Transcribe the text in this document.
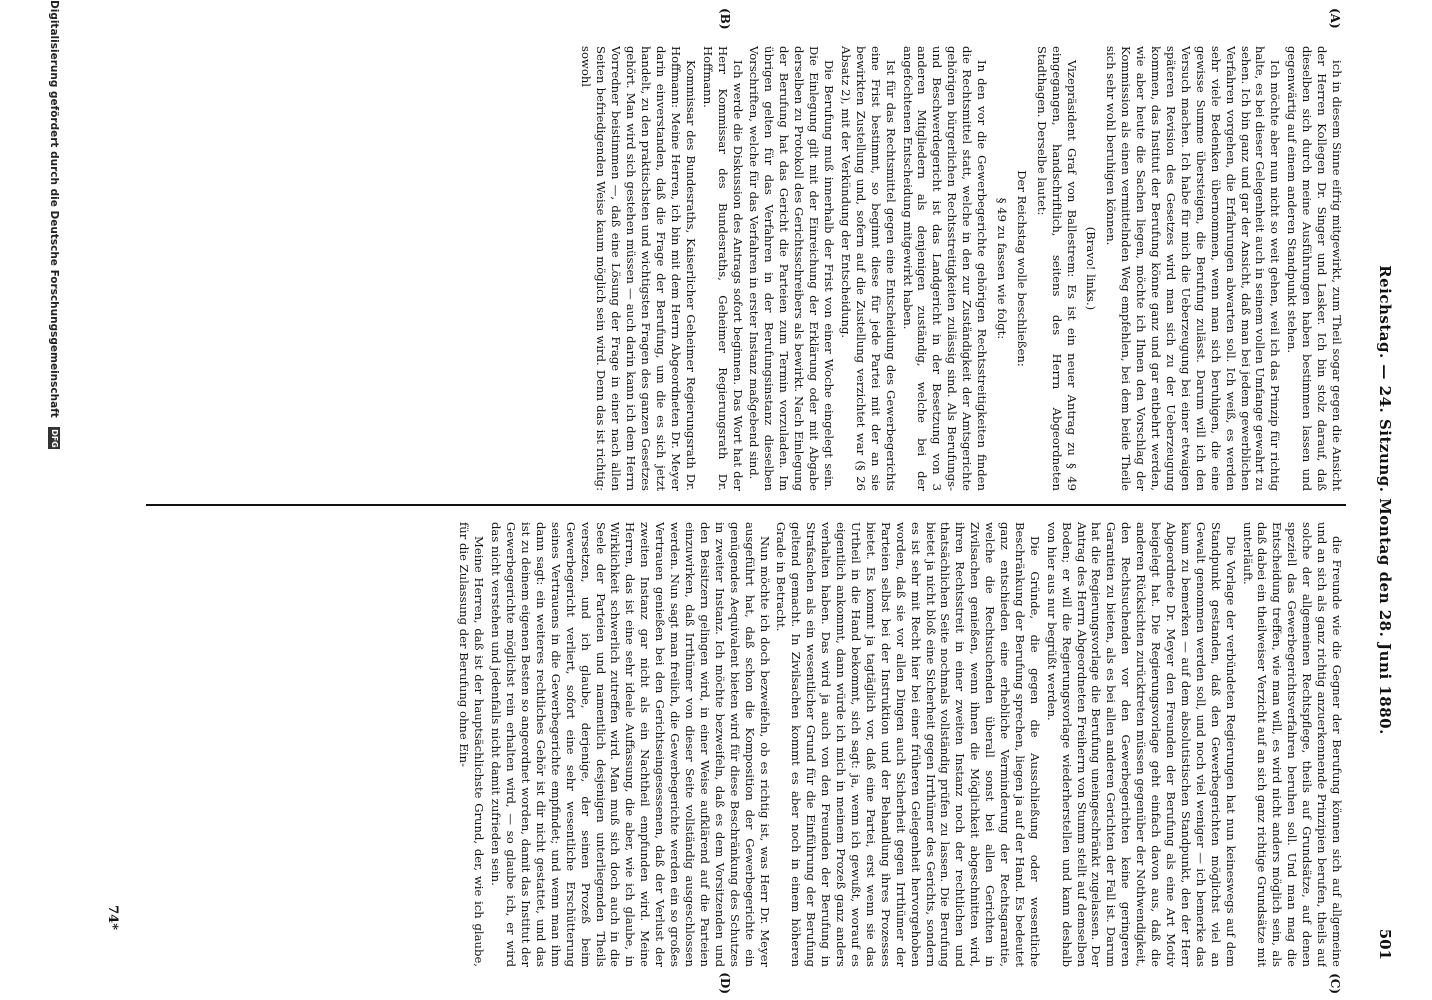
Reichstag. — 24. Sitzung. Montag den 28. Juni 1880.
501
(A)
(B)
(C)
(D)

ich in diesem Sinne eifrig mitgewirkt, zum Theil sogar gegen die Ansicht der Herren Kollegen Dr. Singer und Lasker. Ich bin stolz darauf, daß dieselben sich durch meine Ausführungen haben bestimmen lassen und gegenwärtig auf einem anderen Standpunkt stehen.

Ich möchte aber nun nicht so weit gehen, weil ich das Prinzip für richtig halte, es bei dieser Gelegenheit auch in seinem vollen Umfange gewahrt zu sehen. Ich bin ganz und gar der Ansicht, daß man bei jedem gewerblichen Verfahren vorgehen, die Erfahrungen abwarten soll. Ich weiß, es werden sehr viele Bedenken übernommen, wenn man sich beruhigen, die eine gewisse Summe übersteigen, die Berufung zulässt. Darum will ich den Versuch machen. Ich habe für mich die Ueberzeugung bei einer etwaigen späteren Revision des Gesetzes wird man sich zu der Ueberzeugung kommen, das Institut der Berufung könne ganz und gar entbehrt werden, wie aber heute die Sachen liegen, möchte ich Ihnen den Vorschlag der Kommission als einen vermittelnden Weg empfehlen, bei dem beide Theile sich sehr wohl beruhigen können.

(Bravo! links.)

Vizepräsident Graf von Ballestrem: Es ist ein neuer Antrag zu § 49 eingegangen, handschriftlich, seitens des Herrn Abgeordneten Stadthagen. Derselbe lautet:

Der Reichstag wolle beschließen:

§ 49 zu fassen wie folgt:

In den vor die Gewerbegerichte gehörigen Rechtsstreitigkeiten finden die Rechtsmittel statt, welche in den zur Zuständigkeit der Amtsgerichte gehörigen bürgerlichen Rechtsstreitigkeiten zulässig sind. Als Berufungs- und Beschwerdegericht ist das Landgericht in der Besetzung von 3 anderen Mitgliedern als denjenigen zuständig, welche bei der angefochtenen Entscheidung mitgewirkt haben.

Ist für das Rechtsmittel gegen eine Entscheidung des Gewerbegerichts eine Frist bestimmt, so beginnt diese für jede Partei mit der an sie bewirkten Zustellung und, sofern auf die Zustellung verzichtet war (§ 26 Absatz 2), mit der Verkündung der Entscheidung.

Die Berufung muß innerhalb der Frist von einer Woche eingelegt sein. Die Einlegung gilt mit der Einreichung der Erklärung oder mit Abgabe derselben zu Protokoll des Gerichtsschreibers als bewirkt. Nach Einlegung der Berufung hat das Gericht die Parteien zum Termin vorzuladen. Im übrigen gelten für das Verfahren in der Berufungsinstanz dieselben Vorschriften, welche für das Verfahren in erster Instanz maßgebend sind.

Ich werde die Diskussion des Antrags sofort beginnen. Das Wort hat der Herr Kommissar des Bundesraths, Geheimer Regierungsrath Dr. Hoffmann.

Kommissar des Bundesraths, Kaiserlicher Geheimer Regierungsrath Dr. Hoffmann: Meine Herren, ich bin mit dem Herrn Abgeordneten Dr. Meyer darin einverstanden, daß die Frage der Berufung, um die es sich jetzt handelt, zu den praktischsten und wichtigsten Fragen des ganzen Gesetzes gehört. Man wird sich gestehen müssen — auch darin kann ich dem Herrn Vorredner beistimmen —, daß eine Lösung der Frage in einer nach allen Seiten befriedigenden Weise kaum möglich sein wird. Denn das ist richtig: sowohl

die Freunde wie die Gegner der Berufung können sich auf allgemeine und an sich als ganz richtig anzuerkennende Prinzipien berufen, theils auf solche der allgemeinen Rechtspflege, theils auf Grundsätze, auf denen speziell das Gewerbegerichtsverfahren beruhen soll. Und man mag die Entscheidung treffen, wie man will, es wird nicht anders möglich sein, als daß dabei ein theilweiser Verzicht auf an sich ganz richtige Grundsätze mit unterläuft.

Die Vorlage der verbündeten Regierungen hat nun keineswegs auf dem Standpunkt gestanden, daß den Gewerbegerichten möglichst viel an Gewalt genommen werden soll, und noch viel weniger — ich bemerke das kaum zu bemerken — auf dem absolutistischen Standpunkt, den der Herr Abgeordnete Dr. Meyer den Freunden der Berufung als eine Art Motiv beigelegt hat. Die Regierungsvorlage geht einfach davon aus, daß die anderen Rücksichten zurücktreten müssen gegenüber der Nothwendigkeit, den Rechtsuchenden vor den Gewerbegerichten keine geringeren Garantien zu bieten, als es bei allen anderen Gerichten der Fall ist. Darum hat die Regierungsvorlage die Berufung uneingeschränkt zugelassen. Der Antrag des Herrn Abgeordneten Freiherrn von Stumm stellt auf demselben Boden; er will die Regierungsvorlage wiederherstellen und kann deshalb von hier aus nur begrüßt werden.

Die Gründe, die gegen die Ausschließung oder wesentliche Beschränkung der Berufung sprechen, liegen ja auf der Hand. Es bedeutet ganz entschieden eine erhebliche Verminderung der Rechtsgarantie, welche die Rechtsuchenden überall sonst bei allen Gerichten in Zivilsachen genießen, wenn ihnen die Möglichkeit abgeschnitten wird, ihren Rechtsstreit in einer zweiten Instanz noch der rechtlichen und thatsächlichen Seite nochmals vollständig prüfen zu lassen. Die Berufung bietet ja nicht bloß eine Sicherheit gegen Irrthümer des Gerichts, sondern es ist sehr mit Recht hier bei einer früheren Gelegenheit hervorgehoben worden, daß sie vor allen Dingen auch Sicherheit gegen Irrthümer der Parteien selbst bei der Instruktion und der Behandlung ihres Prozesses bietet. Es kommt ja tagtäglich vor, daß eine Partei, erst wenn sie das Urtheil in die Hand bekommt, sich sagt: ja, wenn ich gewußt, worauf es eigentlich ankommt, dann würde ich mich in meinem Prozeß ganz anders verhalten haben. Das wird ja auch von den Freunden der Berufung in Strafsachen als ein wesentlicher Grund für die Einführung der Berufung geltend gemacht. In Zivilsachen kommt es aber noch in einem höheren Grade in Betracht.

Nun möchte ich doch bezweifeln, ob es richtig ist, was Herr Dr. Meyer ausgeführt hat, daß schon die Komposition der Gewerbegerichte ein genügendes Aequivalent bieten wird für diese Beschränkung des Schutzes in zweiter Instanz. Ich möchte bezweifeln, daß es dem Vorsitzenden und den Beisitzern gelingen wird, in einer Weise aufklärend auf die Parteien einzuwirken, daß Irrthümer von dieser Seite vollständig ausgeschlossen werden. Nun sagt man freilich, die Gewerbegerichte werden ein so großes Vertrauen genießen bei den Gerichtseingesessenen, daß der Verlust der zweiten Instanz gar nicht als ein Nachtheil empfunden wird. Meine Herren, das ist eine sehr ideale Auffassung, die aber, wie ich glaube, in Wirklichkeit schwerlich zutreffen wird. Man muß sich doch auch in die Seele der Parteien und namentlich desjenigen unterliegenden Theils versetzen, und ich glaube, derjenige, der seinen Prozeß beim Gewerbegericht verliert, sofort eine sehr wesentliche Erschütterung seines Vertrauens in die Gewerbegerichte empfindet; und wenn man ihm dann sagt: ein weiteres rechtliches Gehör ist dir nicht gestattet, und das ist zu deinem eigenen Besten so angeordnet worden, damit das Institut der Gewerbegerichte möglichst rein erhalten wird, — so glaube ich, er wird das nicht verstehen und jedenfalls nicht damit zufrieden sein.

Meine Herren, daß ist der hauptsächlichste Grund, der, wie ich glaube, für die Zulassung der Berufung ohne Ein-

74*
Digitalisierung gefördert durch die Deutsche Forschungsgemeinschaft DFG
